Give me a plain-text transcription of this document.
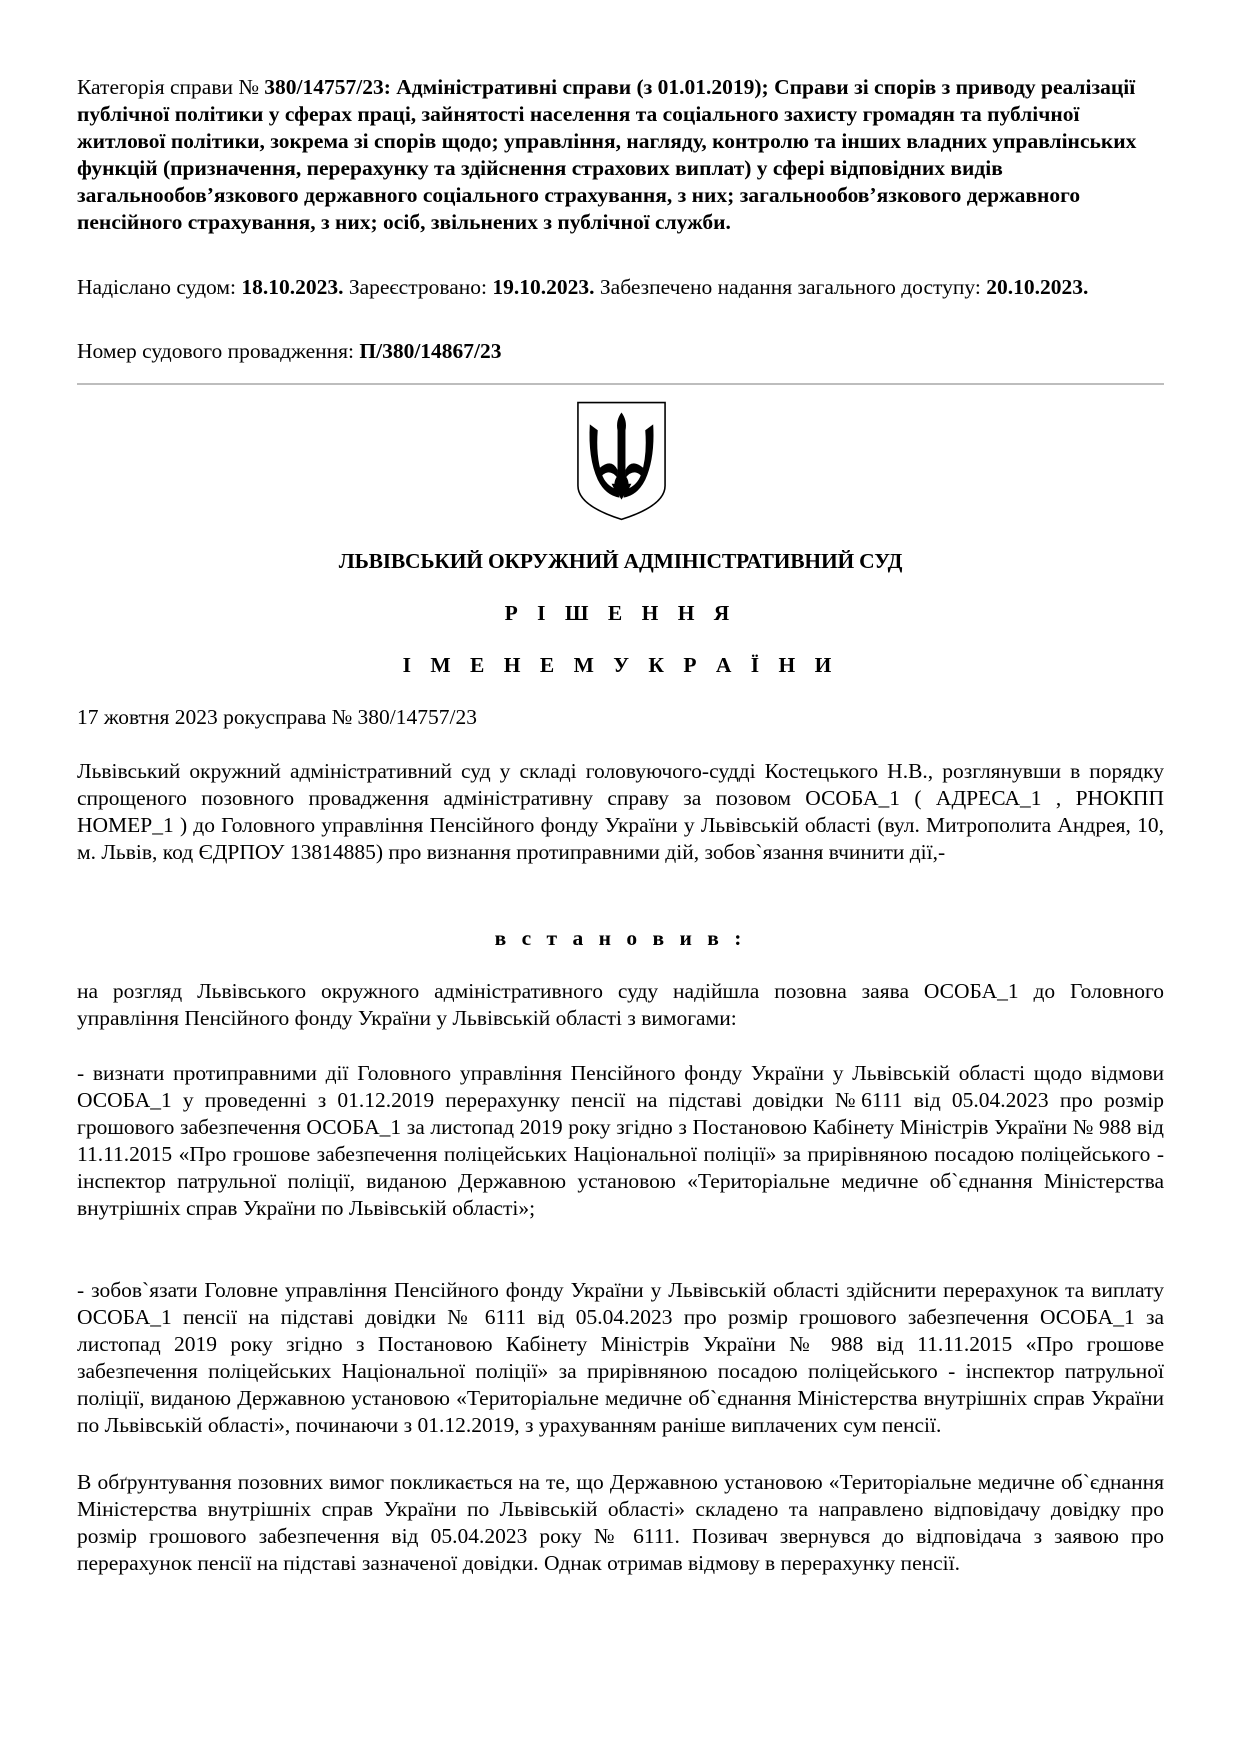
Категорія справи № 380/14757/23: Адміністративні справи (з 01.01.2019); Справи зі спорів з приводу реалізації публічної політики у сферах праці, зайнятості населення та соціального захисту громадян та публічної житлової політики, зокрема зі спорів щодо; управління, нагляду, контролю та інших владних управлінських функцій (призначення, перерахунку та здійснення страхових виплат) у сфері відповідних видів загальнообов’язкового державного соціального страхування, з них; загальнообов’язкового державного пенсійного страхування, з них; осіб, звільнених з публічної служби.
Надіслано судом: 18.10.2023. Зареєстровано: 19.10.2023. Забезпечено надання загального доступу: 20.10.2023.
Номер судового провадження: П/380/14867/23
ЛЬВІВСЬКИЙ ОКРУЖНИЙ АДМІНІСТРАТИВНИЙ СУД
Р І Ш Е Н Н Я
І М Е Н Е М У К Р А Ї Н И
17 жовтня 2023 рокусправа № 380/14757/23
Львівський окружний адміністративний суд у складі головуючого-судді Костецького Н.В., розглянувши в порядку спрощеного позовного провадження адміністративну справу за позовом ОСОБА_1 ( АДРЕСА_1 , РНОКПП НОМЕР_1 ) до Головного управління Пенсійного фонду України у Львівській області (вул. Митрополита Андрея, 10, м. Львів, код ЄДРПОУ 13814885) про визнання протиправними дій, зобов`язання вчинити дії,-
в с т а н о в и в :
на розгляд Львівського окружного адміністративного суду надійшла позовна заява ОСОБА_1 до Головного управління Пенсійного фонду України у Львівській області з вимогами:
- визнати протиправними дії Головного управління Пенсійного фонду України у Львівській області щодо відмови ОСОБА_1 у проведенні з 01.12.2019 перерахунку пенсії на підставі довідки №6111 від 05.04.2023 про розмір грошового забезпечення ОСОБА_1 за листопад 2019 року згідно з Постановою Кабінету Міністрів України № 988 від 11.11.2015 «Про грошове забезпечення поліцейських Національної поліції» за прирівняною посадою поліцейського - інспектор патрульної поліції, виданою Державною установою «Територіальне медичне об`єднання Міністерства внутрішніх справ України по Львівській області»;
- зобов`язати Головне управління Пенсійного фонду України у Львівській області здійснити перерахунок та виплату ОСОБА_1 пенсії на підставі довідки № 6111 від 05.04.2023 про розмір грошового забезпечення ОСОБА_1 за листопад 2019 року згідно з Постановою Кабінету Міністрів України № 988 від 11.11.2015 «Про грошове забезпечення поліцейських Національної поліції» за прирівняною посадою поліцейського - інспектор патрульної поліції, виданою Державною установою «Територіальне медичне об`єднання Міністерства внутрішніх справ України по Львівській області», починаючи з 01.12.2019, з урахуванням раніше виплачених сум пенсії.
В обґрунтування позовних вимог покликається на те, що Державною установою «Територіальне медичне об`єднання Міністерства внутрішніх справ України по Львівській області» складено та направлено відповідачу довідку про розмір грошового забезпечення від 05.04.2023 року № 6111. Позивач звернувся до відповідача з заявою про перерахунок пенсії на підставі зазначеної довідки. Однак отримав відмову в перерахунку пенсії.
